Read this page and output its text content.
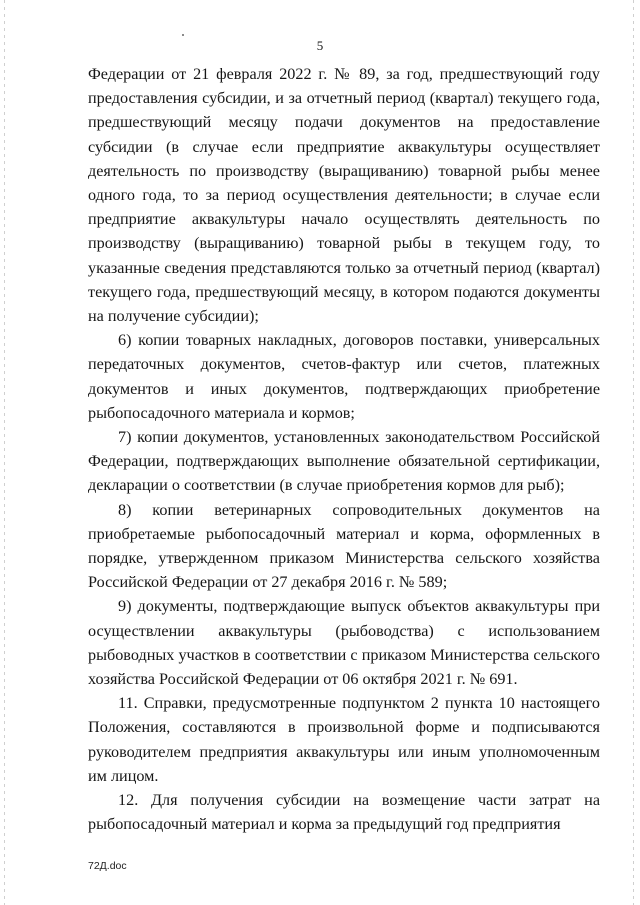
5

Федерации от 21 февраля 2022 г. № 89, за год, предшествующий году предоставления субсидии, и за отчетный период (квартал) текущего года, предшествующий месяцу подачи документов на предоставление субсидии (в случае если предприятие аквакультуры осуществляет деятельность по производству (выращиванию) товарной рыбы менее одного года, то за период осуществления деятельности; в случае если предприятие аквакультуры начало осуществлять деятельность по производству (выращиванию) товарной рыбы в текущем году, то указанные сведения представляются только за отчетный период (квартал) текущего года, предшествующий месяцу, в котором подаются документы на получение субсидии);

6) копии товарных накладных, договоров поставки, универсальных передаточных документов, счетов-фактур или счетов, платежных документов и иных документов, подтверждающих приобретение рыбопосадочного материала и кормов;

7) копии документов, установленных законодательством Российской Федерации, подтверждающих выполнение обязательной сертификации, декларации о соответствии (в случае приобретения кормов для рыб);

8) копии ветеринарных сопроводительных документов на приобретаемые рыбопосадочный материал и корма, оформленных в порядке, утвержденном приказом Министерства сельского хозяйства Российской Федерации от 27 декабря 2016 г. № 589;

9) документы, подтверждающие выпуск объектов аквакультуры при осуществлении аквакультуры (рыбоводства) с использованием рыбоводных участков в соответствии с приказом Министерства сельского хозяйства Российской Федерации от 06 октября 2021 г. № 691.

11. Справки, предусмотренные подпунктом 2 пункта 10 настоящего Положения, составляются в произвольной форме и подписываются руководителем предприятия аквакультуры или иным уполномоченным им лицом.

12. Для получения субсидии на возмещение части затрат на рыбопосадочный материал и корма за предыдущий год предприятия

72Д.doc
